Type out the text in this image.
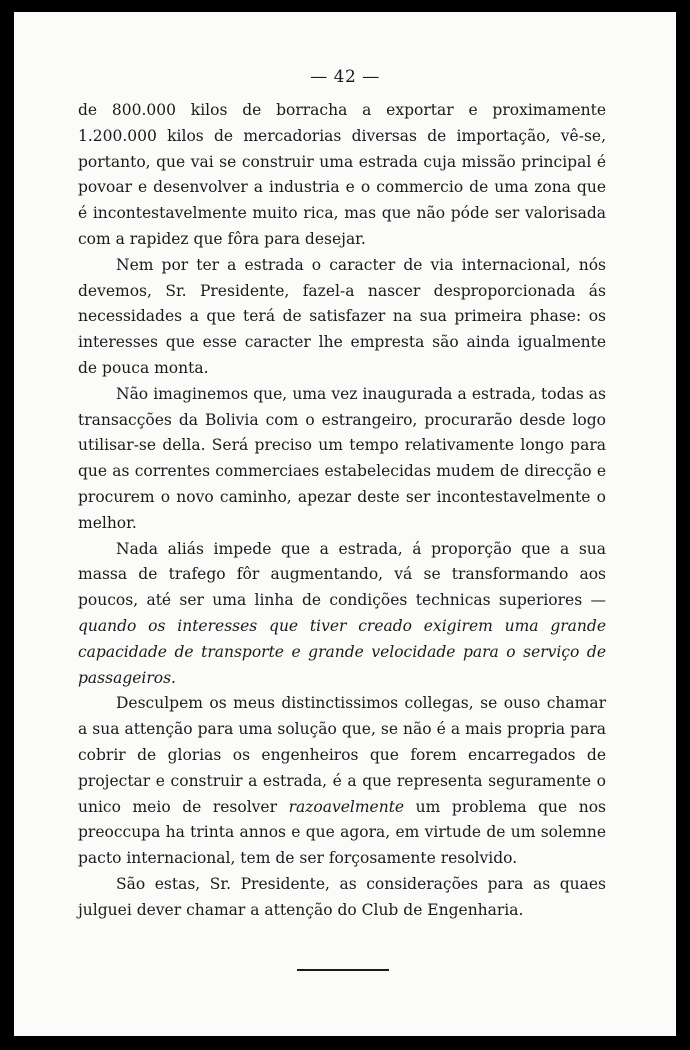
— 42 —

de 800.000 kilos de borracha a exportar e proximamente 1.200.000 kilos de mercadorias diversas de importação, vê-se, portanto, que vai se construir uma estrada cuja missão principal é povoar e desenvolver a industria e o commercio de uma zona que é incontestavelmente muito rica, mas que não póde ser valorisada com a rapidez que fôra para desejar.

Nem por ter a estrada o caracter de via internacional, nós devemos, Sr. Presidente, fazel-a nascer desproporcionada ás necessidades a que terá de satisfazer na sua primeira phase: os interesses que esse caracter lhe empresta são ainda igualmente de pouca monta.

Não imaginemos que, uma vez inaugurada a estrada, todas as transacções da Bolivia com o estrangeiro, procurarão desde logo utilisar-se della. Será preciso um tempo relativamente longo para que as correntes commerciaes estabelecidas mudem de direcção e procurem o novo caminho, apezar deste ser incontestavelmente o melhor.

Nada aliás impede que a estrada, á proporção que a sua massa de trafego fôr augmentando, vá se transformando aos poucos, até ser uma linha de condições technicas superiores — quando os interesses que tiver creado exigirem uma grande capacidade de transporte e grande velocidade para o serviço de passageiros.

Desculpem os meus distinctissimos collegas, se ouso chamar a sua attenção para uma solução que, se não é a mais propria para cobrir de glorias os engenheiros que forem encarregados de projectar e construir a estrada, é a que representa seguramente o unico meio de resolver razoavelmente um problema que nos preoccupa ha trinta annos e que agora, em virtude de um solemne pacto internacional, tem de ser forçosamente resolvido.

São estas, Sr. Presidente, as considerações para as quaes julguei dever chamar a attenção do Club de Engenharia.
